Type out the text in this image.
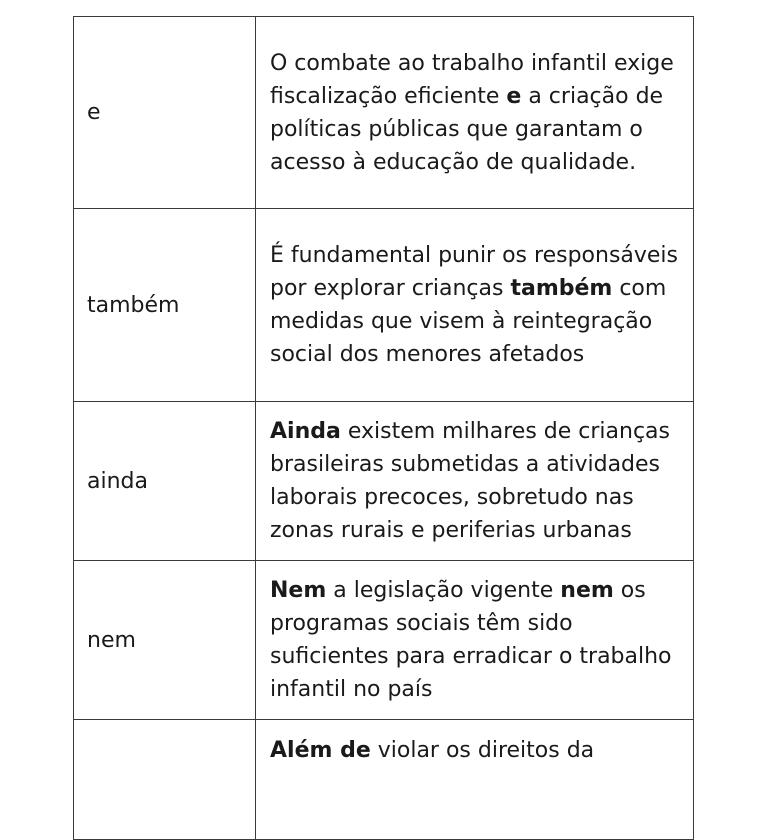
e	O combate ao trabalho infantil exige fiscalização eficiente e a criação de políticas públicas que garantam o acesso à educação de qualidade.
também	É fundamental punir os responsáveis por explorar crianças também com medidas que visem à reintegração social dos menores afetados
ainda	Ainda existem milhares de crianças brasileiras submetidas a atividades laborais precoces, sobretudo nas zonas rurais e periferias urbanas
nem	Nem a legislação vigente nem os programas sociais têm sido suficientes para erradicar o trabalho infantil no país
	Além de violar os direitos da
